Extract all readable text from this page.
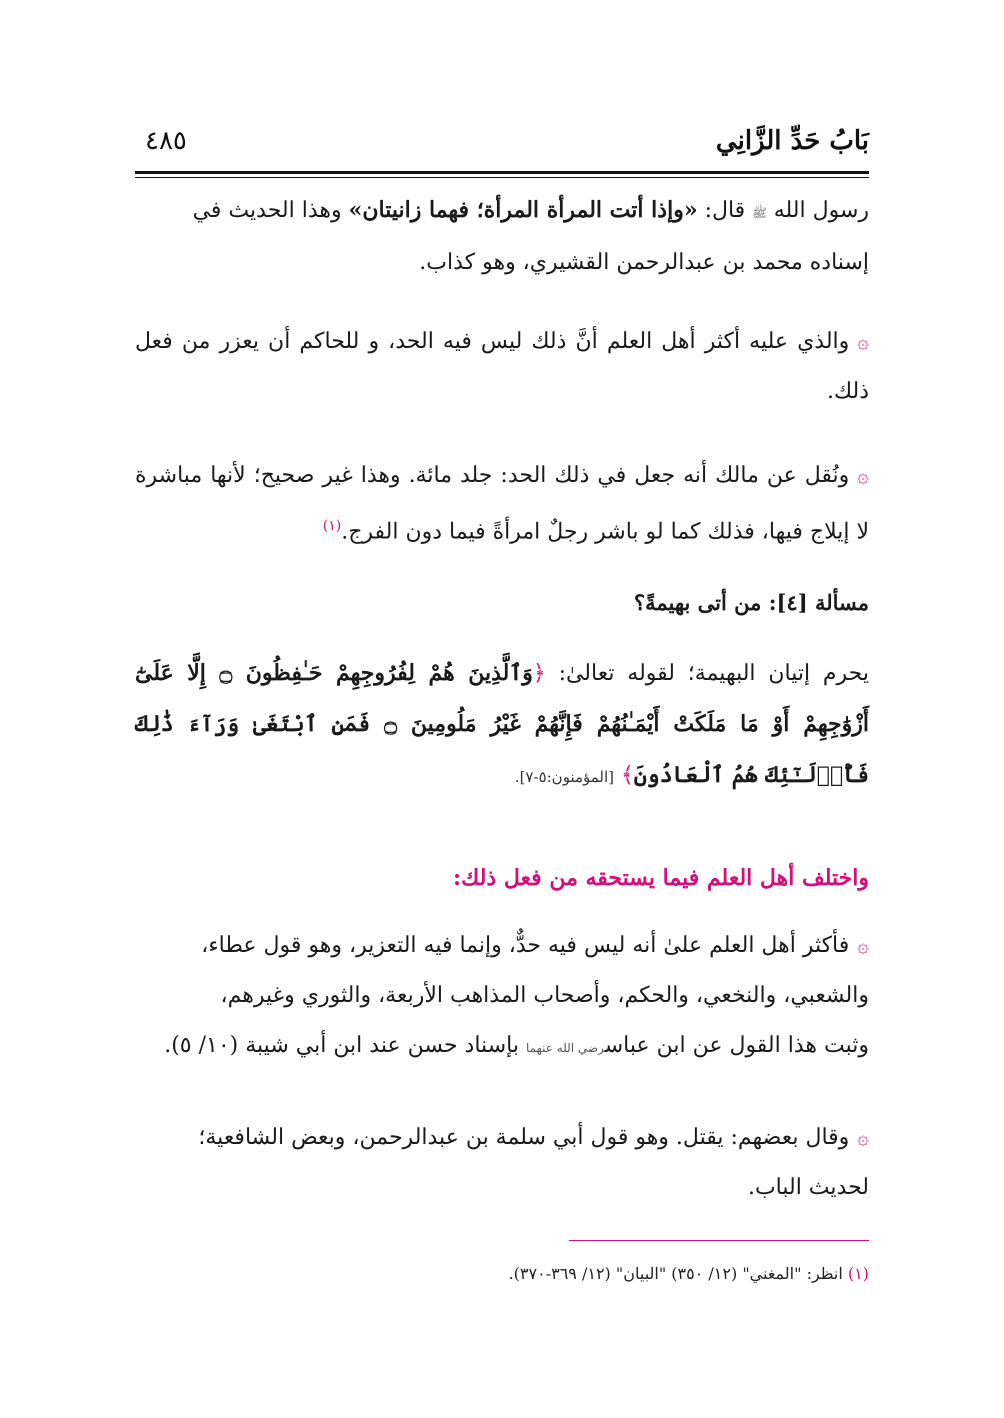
بَابُ حَدِّ الزَّانِي
٤٨٥
رسول الله ﷺ قال: «وإذا أتت المرأة المرأة؛ فهما زانيتان» وهذا الحديث في
إسناده محمد بن عبدالرحمن القشيري، وهو كذاب.
۞والذي عليه أكثر أهل العلم أنَّ ذلك ليس فيه الحد، و للحاكم أن يعزر من فعل ذلك.
۞ونُقل عن مالك أنه جعل في ذلك الحد: جلد مائة. وهذا غير صحيح؛ لأنها مباشرة لا إيلاج فيها، فذلك كما لو باشر رجلٌ امرأةً فيما دون الفرج.$^{(١)}$
مسألة [٤]: من أتى بهيمةً؟
يحرم إتيان البهيمة؛ لقوله تعالىٰ: ﴿وَٱلَّذِينَ هُمْ لِفُرُوجِهِمْ حَـٰفِظُونَ ۝ إِلَّا عَلَىٰٓ أَزْوَٰجِهِمْ أَوْ مَا مَلَكَتْ أَيْمَـٰنُهُمْ فَإِنَّهُمْ غَيْرُ مَلُومِينَ ۝ فَمَنِ ٱبْتَغَىٰ وَرَآءَ ذَٰلِكَ فَأُو۟لَـٰٓئِكَ هُمُ ٱلْعَادُونَ﴾ [المؤمنون:٥-٧].
واختلف أهل العلم فيما يستحقه من فعل ذلك:
۞فأكثر أهل العلم علىٰ أنه ليس فيه حدٌّ، وإنما فيه التعزير، وهو قول عطاء،
والشعبي، والنخعي، والحكم، وأصحاب المذاهب الأربعة، والثوري وغيرهم،
وثبت هذا القول عن ابن عباسرضي الله عنهما بإسناد حسن عند ابن أبي شيبة (١٠/ ٥).
۞وقال بعضهم: يقتل. وهو قول أبي سلمة بن عبدالرحمن، وبعض الشافعية؛
لحديث الباب.
(١) انظر: "المغني" (١٢/ ٣٥٠) "البيان" (١٢/ ٣٦٩-٣٧٠).
